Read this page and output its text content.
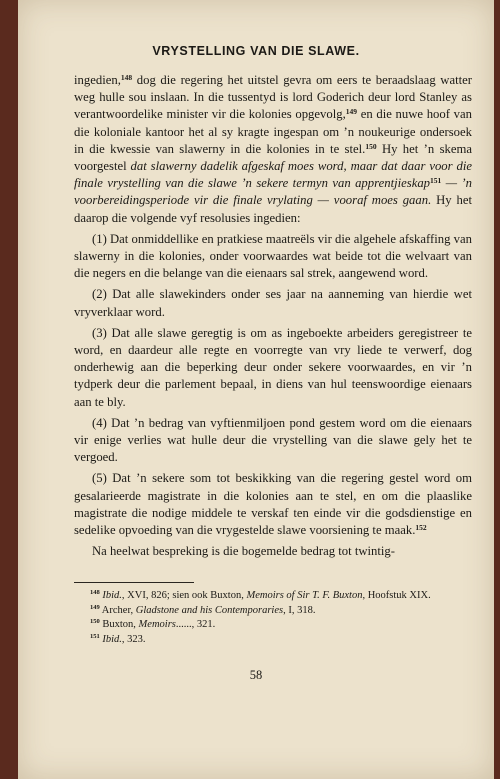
VRYSTELLING VAN DIE SLAWE.

ingedien,$^{148}$ dog die regering het uitstel gevra om eers te beraadslaag watter weg hulle sou inslaan. In die tussentyd is lord Goderich deur lord Stanley as verantwoordelike minister vir die kolonies opgevolg,$^{149}$ en die nuwe hoof van die koloniale kantoor het al sy kragte ingespan om ’n noukeurige ondersoek in die kwessie van slawerny in die kolonies in te stel.$^{150}$ Hy het ’n skema voorgestel dat slawerny dadelik afgeskaf moes word, maar dat daar voor die finale vrystelling van die slawe ’n sekere termyn van apprentjieskap$^{151}$ — ’n voorbereidingsperiode vir die finale vrylating — vooraf moes gaan. Hy het daarop die volgende vyf resolusies ingedien:

(1) Dat onmiddellike en pratkiese maatreëls vir die algehele afskaffing van slawerny in die kolonies, onder voorwaardes wat beide tot die welvaart van die negers en die belange van die eienaars sal strek, aangewend word.

(2) Dat alle slawekinders onder ses jaar na aanneming van hierdie wet vryverklaar word.

(3) Dat alle slawe geregtig is om as ingeboekte arbeiders geregistreer te word, en daardeur alle regte en voorregte van vry liede te verwerf, dog onderhewig aan die beperking deur onder sekere voorwaardes, en vir ’n tydperk deur die parlement bepaal, in diens van hul teenswoordige eienaars aan te bly.

(4) Dat ’n bedrag van vyftienmiljoen pond gestem word om die eienaars vir enige verlies wat hulle deur die vrystelling van die slawe gely het te vergoed.

(5) Dat ’n sekere som tot beskikking van die regering gestel word om gesalarieerde magistrate in die kolonies aan te stel, en om die plaaslike magistrate die nodige middele te verskaf ten einde vir die godsdienstige en sedelike opvoeding van die vrygestelde slawe voorsiening te maak.$^{152}$

Na heelwat bespreking is die bogemelde bedrag tot twintig-

$^{148}$ Ibid., XVI, 826; sien ook Buxton, Memoirs of Sir T. F. Buxton, Hoofstuk XIX.
$^{149}$ Archer, Gladstone and his Contemporaries, I, 318.
$^{150}$ Buxton, Memoirs......, 321.
$^{151}$ Ibid., 323.
58
